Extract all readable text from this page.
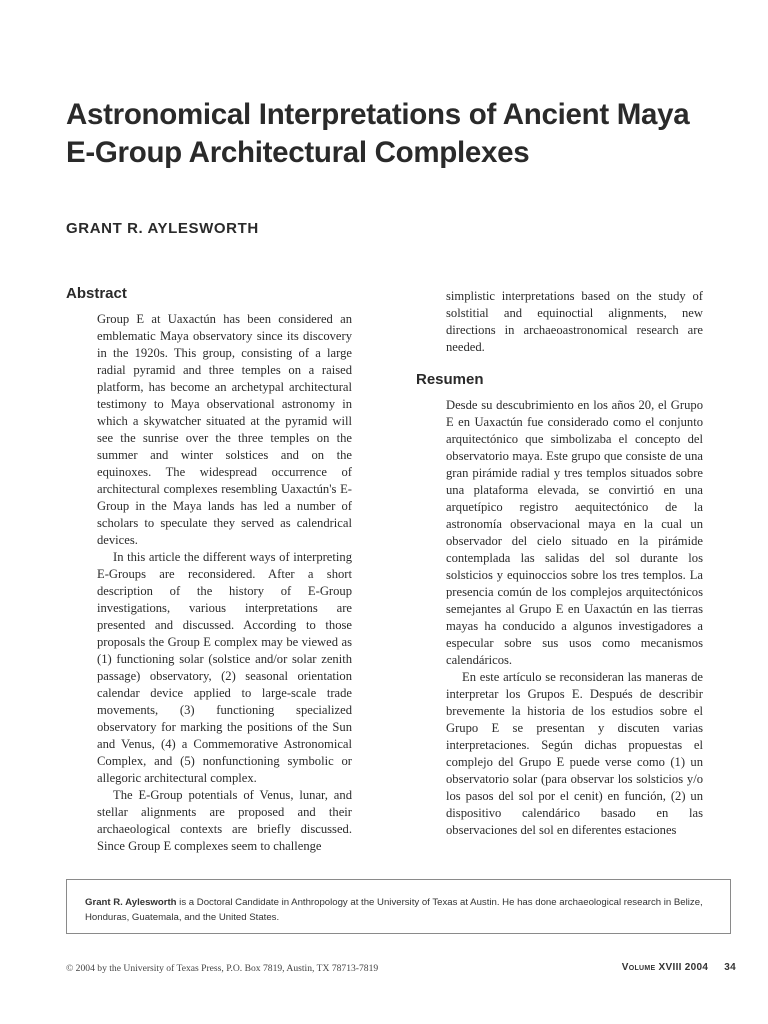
Astronomical Interpretations of Ancient Maya
E-Group Architectural Complexes
GRANT R. AYLESWORTH
Abstract

Group E at Uaxactún has been considered an emblematic Maya observatory since its discovery in the 1920s. This group, consisting of a large radial pyramid and three temples on a raised platform, has become an archetypal architectural testimony to Maya observational astronomy in which a skywatcher situated at the pyramid will see the sunrise over the three temples on the summer and winter solstices and on the equinoxes. The widespread occurrence of architectural complexes resembling Uaxactún's E-Group in the Maya lands has led a number of scholars to speculate they served as calendrical devices.

In this article the different ways of interpreting E-Groups are reconsidered. After a short description of the history of E-Group investigations, various interpretations are presented and discussed. According to those proposals the Group E complex may be viewed as (1) functioning solar (solstice and/or solar zenith passage) observatory, (2) seasonal orientation calendar device applied to large-scale trade movements, (3) functioning specialized observatory for marking the positions of the Sun and Venus, (4) a Commemorative Astronomical Complex, and (5) nonfunctioning symbolic or allegoric architectural complex.

The E-Group potentials of Venus, lunar, and stellar alignments are proposed and their archaeological contexts are briefly discussed. Since Group E complexes seem to challenge

simplistic interpretations based on the study of solstitial and equinoctial alignments, new directions in archaeoastronomical research are needed.

Resumen

Desde su descubrimiento en los años 20, el Grupo E en Uaxactún fue considerado como el conjunto arquitectónico que simbolizaba el concepto del observatorio maya. Este grupo que consiste de una gran pirámide radial y tres templos situados sobre una plataforma elevada, se convirtió en una arquetípico registro aequitectónico de la astronomía observacional maya en la cual un observador del cielo situado en la pirámide contemplada las salidas del sol durante los solsticios y equinoccios sobre los tres templos. La presencia común de los complejos arquitectónicos semejantes al Grupo E en Uaxactún en las tierras mayas ha conducido a algunos investigadores a especular sobre sus usos como mecanismos calendáricos.

En este artículo se reconsideran las maneras de interpretar los Grupos E. Después de describir brevemente la historia de los estudios sobre el Grupo E se presentan y discuten varias interpretaciones. Según dichas propuestas el complejo del Grupo E puede verse como (1) un observatorio solar (para observar los solsticios y/o los pasos del sol por el cenit) en función, (2) un dispositivo calendárico basado en las observaciones del sol en diferentes estaciones

Grant R. Aylesworth is a Doctoral Candidate in Anthropology at the University of Texas at Austin. He has done archaeological research in Belize, Honduras, Guatemala, and the United States.
© 2004 by the University of Texas Press, P.O. Box 7819, Austin, TX 78713-7819	Volume XVIII 2004 34
